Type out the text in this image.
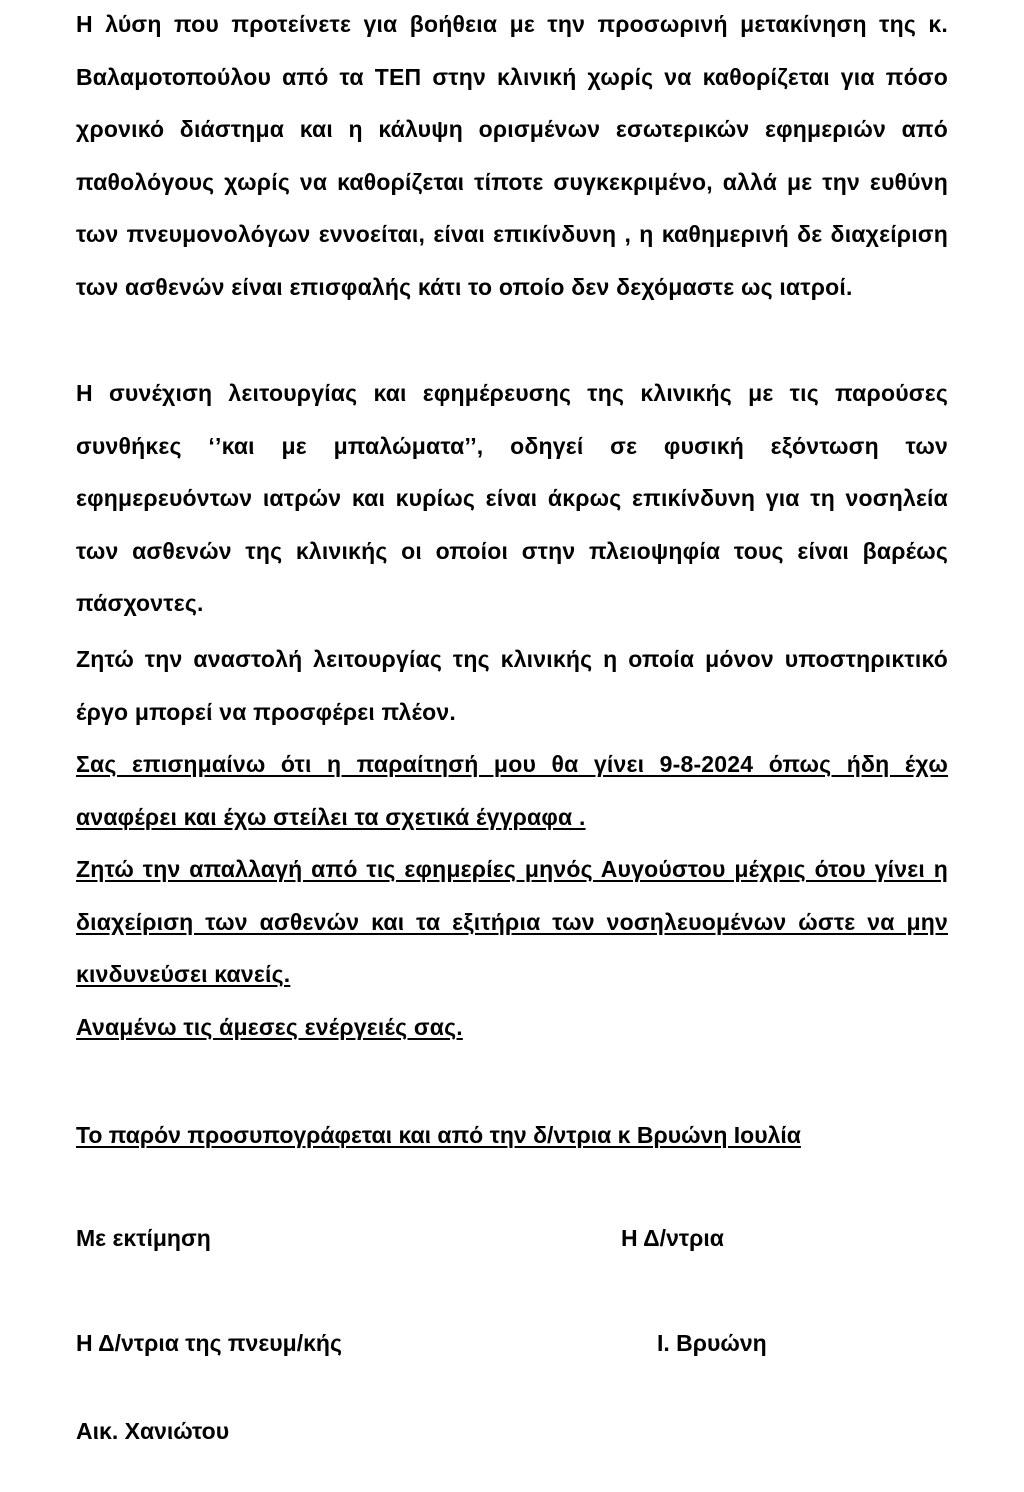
Η λύση που προτείνετε για βοήθεια με την προσωρινή μετακίνηση της κ. Βαλαμοτοπούλου από τα ΤΕΠ στην κλινική χωρίς να καθορίζεται για πόσο χρονικό διάστημα και η κάλυψη ορισμένων εσωτερικών εφημεριών από παθολόγους χωρίς να καθορίζεται τίποτε συγκεκριμένο, αλλά με την ευθύνη των πνευμονολόγων εννοείται, είναι επικίνδυνη , η καθημερινή δε διαχείριση των ασθενών είναι επισφαλής κάτι το οποίο δεν δεχόμαστε ως ιατροί.

Η συνέχιση λειτουργίας και εφημέρευσης της κλινικής με τις παρούσες συνθήκες ‘’και με μπαλώματα’’, οδηγεί σε φυσική εξόντωση των εφημερευόντων ιατρών και κυρίως είναι άκρως επικίνδυνη για τη νοσηλεία των ασθενών της κλινικής οι οποίοι στην πλειοψηφία τους είναι βαρέως πάσχοντες.

Ζητώ την αναστολή λειτουργίας της κλινικής η οποία μόνον υποστηρικτικό έργο μπορεί να προσφέρει πλέον.

Σας επισημαίνω ότι η παραίτησή μου θα γίνει 9-8-2024 όπως ήδη έχω αναφέρει και έχω στείλει τα σχετικά έγγραφα .

Ζητώ την απαλλαγή από τις εφημερίες μηνός Αυγούστου μέχρις ότου γίνει η διαχείριση των ασθενών και τα εξιτήρια των νοσηλευομένων ώστε να μην κινδυνεύσει κανείς.

Αναμένω τις άμεσες ενέργειές σας.

Το παρόν προσυπογράφεται και από την δ/ντρια κ Βρυώνη Ιουλία

Με εκτίμηση	Η Δ/ντρια

Η Δ/ντρια της πνευμ/κής	Ι. Βρυώνη

Αικ. Χανιώτου
